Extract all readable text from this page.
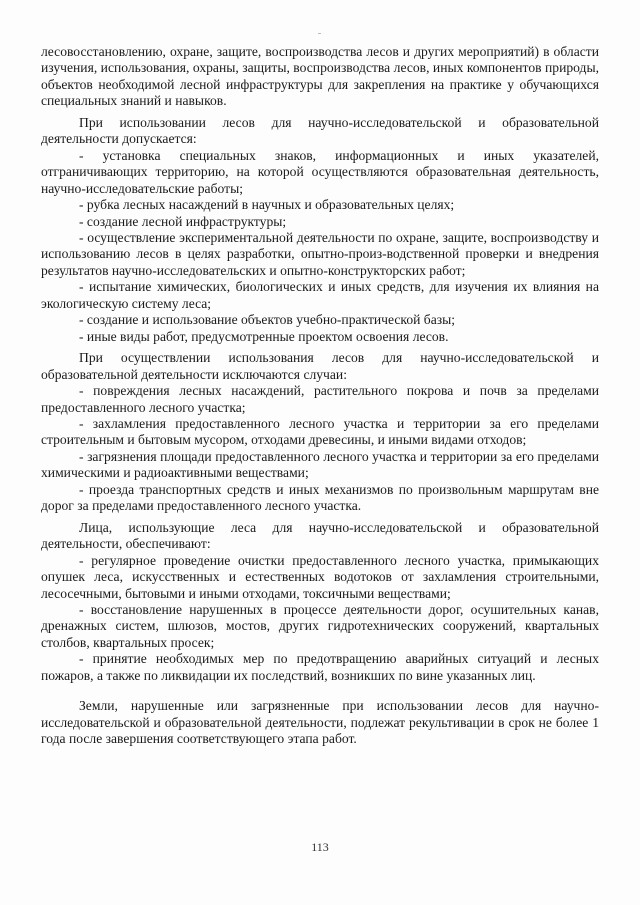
лесовосстановлению, охране, защите, воспроизводства лесов и других мероприятий) в области изучения, использования, охраны, защиты, воспроизводства лесов, иных компонентов природы, объектов необходимой лесной инфраструктуры для закрепления на практике у обучающихся специальных знаний и навыков.

При использовании лесов для научно-исследовательской и образовательной деятельности допускается:

- установка специальных знаков, информационных и иных указателей, отграничивающих территорию, на которой осуществляются образовательная деятельность, научно-исследовательские работы;

- рубка лесных насаждений в научных и образовательных целях;

- создание лесной инфраструктуры;

- осуществление экспериментальной деятельности по охране, защите, воспроизводству и использованию лесов в целях разработки, опытно-произ-водственной проверки и внедрения результатов научно-исследовательских и опытно-конструкторских работ;

- испытание химических, биологических и иных средств, для изучения их влияния на экологическую систему леса;

- создание и использование объектов учебно-практической базы;

- иные виды работ, предусмотренные проектом освоения лесов.

При осуществлении использования лесов для научно-исследовательской и образовательной деятельности исключаются случаи:

- повреждения лесных насаждений, растительного покрова и почв за пределами предоставленного лесного участка;

- захламления предоставленного лесного участка и территории за его пределами строительным и бытовым мусором, отходами древесины, и иными видами отходов;

- загрязнения площади предоставленного лесного участка и территории за его пределами химическими и радиоактивными веществами;

- проезда транспортных средств и иных механизмов по произвольным маршрутам вне дорог за пределами предоставленного лесного участка.

Лица, использующие леса для научно-исследовательской и образовательной деятельности, обеспечивают:

- регулярное проведение очистки предоставленного лесного участка, примыкающих опушек леса, искусственных и естественных водотоков от захламления строительными, лесосечными, бытовыми и иными отходами, токсичными веществами;

- восстановление нарушенных в процессе деятельности дорог, осушительных канав, дренажных систем, шлюзов, мостов, других гидротехнических сооружений, квартальных столбов, квартальных просек;

- принятие необходимых мер по предотвращению аварийных ситуаций и лесных пожаров, а также по ликвидации их последствий, возникших по вине указанных лиц.

Земли, нарушенные или загрязненные при использовании лесов для научно-исследовательской и образовательной деятельности, подлежат рекультивации в срок не более 1 года после завершения соответствующего этапа работ.

113
